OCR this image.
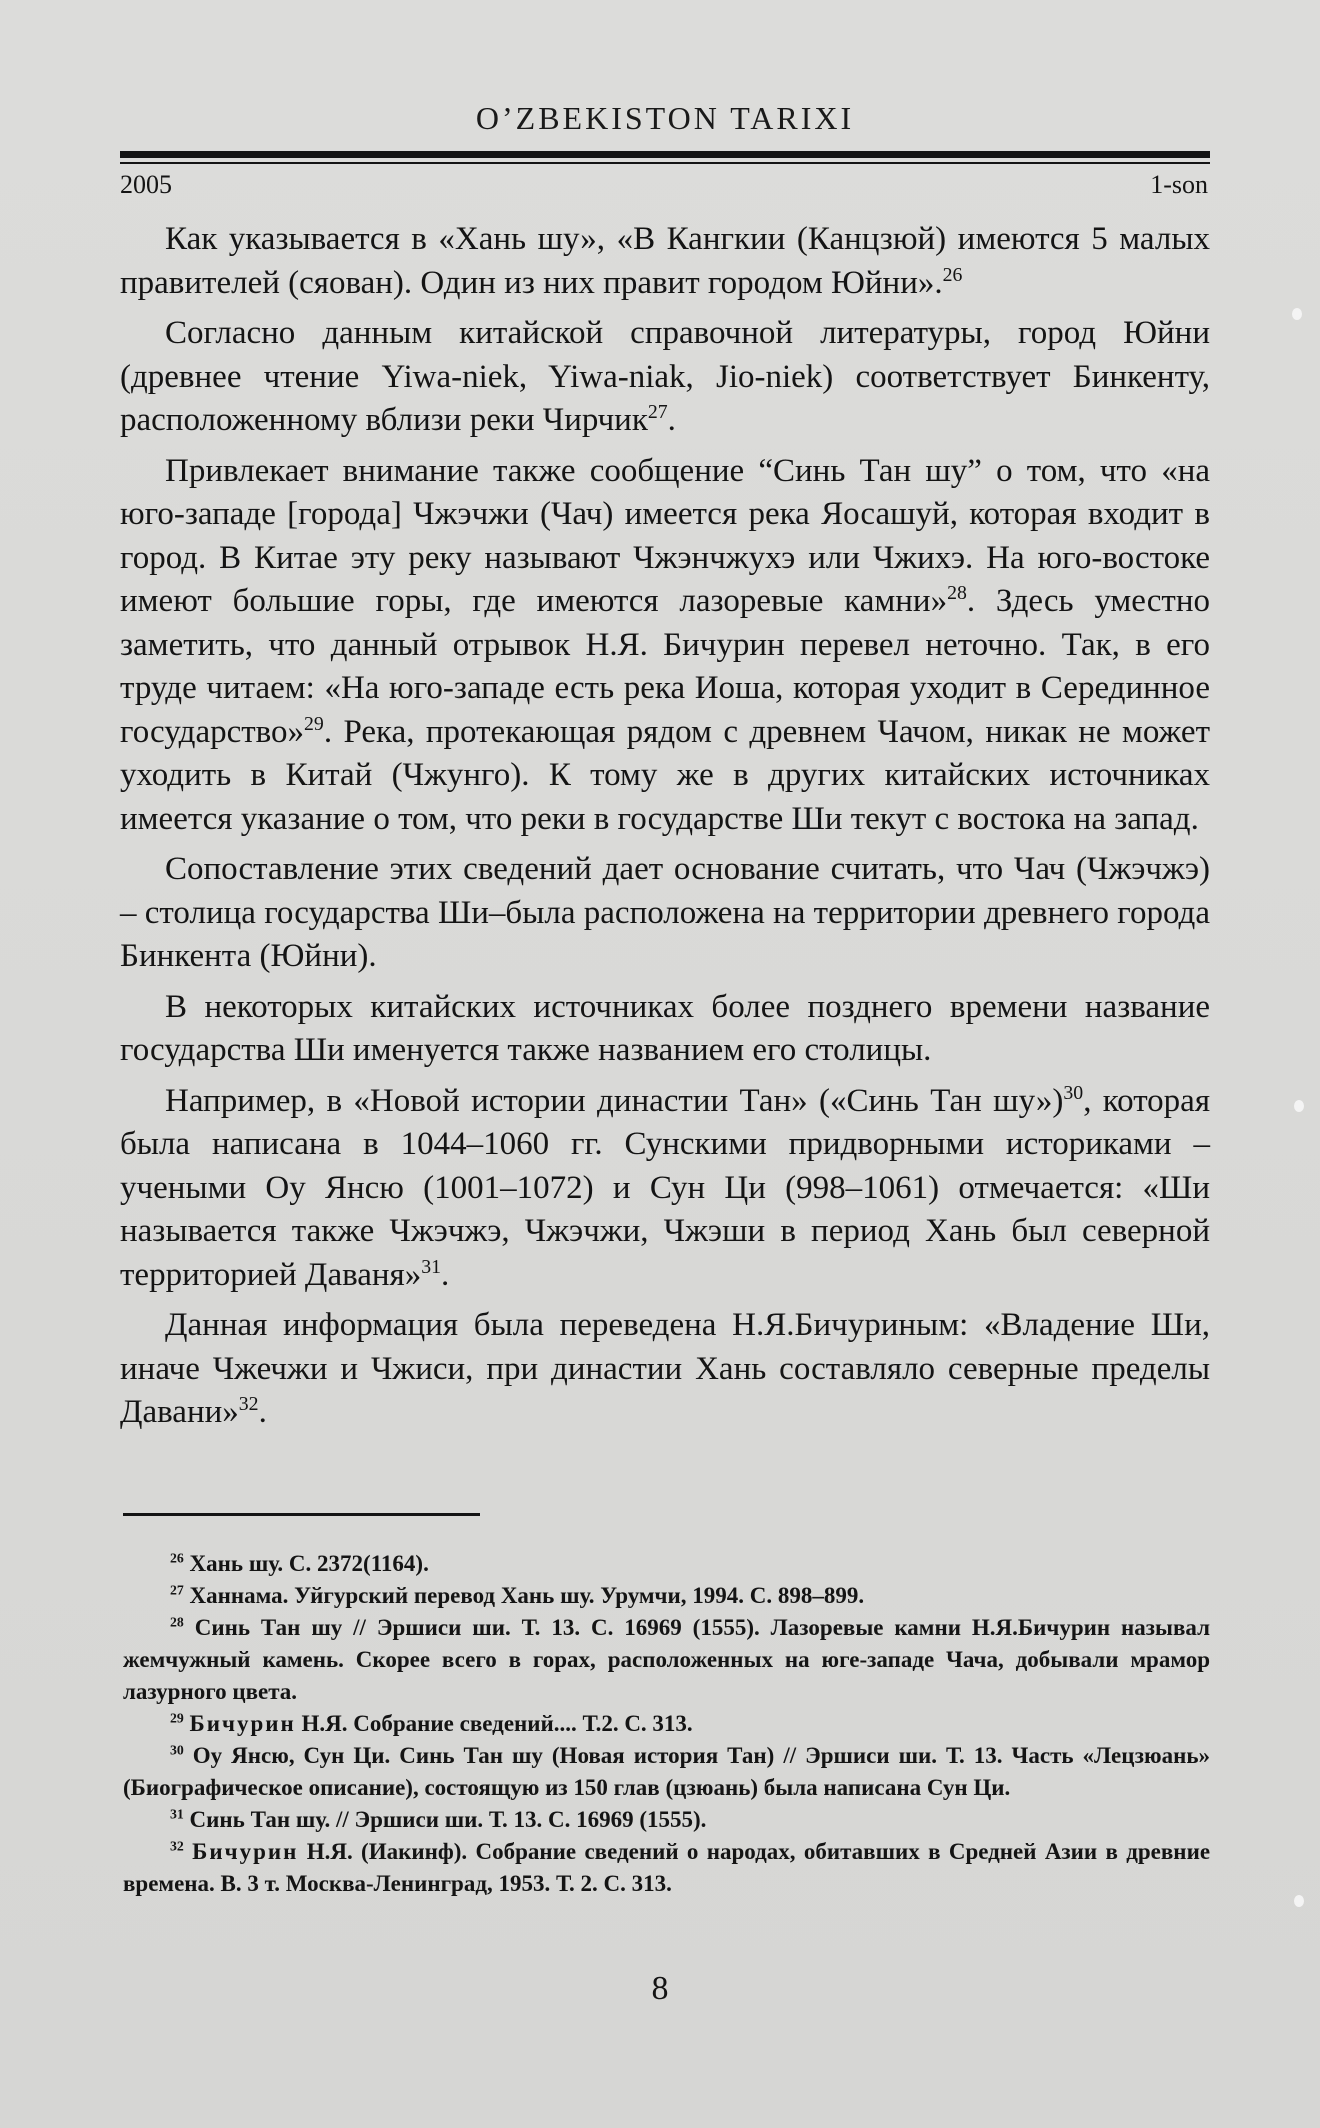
O’ZBEKISTON TARIXI
2005	1-son

Как указывается в «Хань шу», «В Кангкии (Канцзюй) имеются 5 малых правителей (сяован). Один из них правит городом Юйни».$^{26}$

Согласно данным китайской справочной литературы, город Юйни (древнее чтение Yiwa-niek, Yiwa-niak, Jio-niek) соответствует Бинкенту, расположенному вблизи реки Чирчик$^{27}$.

Привлекает внимание также сообщение “Синь Тан шу” о том, что «на юго-западе [города] Чжэчжи (Чач) имеется река Яосашуй, которая входит в город. В Китае эту реку называют Чжэнчжухэ или Чжихэ. На юго-востоке имеют большие горы, где имеются лазоревые камни»$^{28}$. Здесь уместно заметить, что данный отрывок Н.Я. Бичурин перевел неточно. Так, в его труде читаем: «На юго-западе есть река Иоша, которая уходит в Серединное государство»$^{29}$. Река, протекающая рядом с древнем Чачом, никак не может уходить в Китай (Чжунго). К тому же в других китайских источниках имеется указание о том, что реки в государстве Ши текут с востока на запад.

Сопоставление этих сведений дает основание считать, что Чач (Чжэчжэ) – столица государства Ши–была расположена на территории древнего города Бинкента (Юйни).

В некоторых китайских источниках более позднего времени название государства Ши именуется также названием его столицы.

Например, в «Новой истории династии Тан» («Синь Тан шу»)$^{30}$, которая была написана в 1044–1060 гг. Сунскими придворными историками – учеными Оу Янсю (1001–1072) и Сун Ци (998–1061) отмечается: «Ши называется также Чжэчжэ, Чжэчжи, Чжэши в период Хань был северной территорией Даваня»$^{31}$.

Данная информация была переведена Н.Я.Бичуриным: «Владение Ши, иначе Чжечжи и Чжиси, при династии Хань составляло северные пределы Давани»$^{32}$.

$^{26}$ Хань шу. С. 2372(1164).

$^{27}$ Ханнама. Уйгурский перевод Хань шу. Урумчи, 1994. С. 898–899.

$^{28}$ Синь Тан шу // Эршиси ши. Т. 13. С. 16969 (1555). Лазоревые камни Н.Я.Бичурин называл жемчужный камень. Скорее всего в горах, расположенных на юге-западе Чача, добывали мрамор лазурного цвета.

$^{29}$ Бичурин Н.Я. Собрание сведений.... Т.2. С. 313.

$^{30}$ Оу Янсю, Сун Ци. Синь Тан шу (Новая история Тан) // Эршиси ши. Т. 13. Часть «Лецзюань» (Биографическое описание), состоящую из 150 глав (цзюань) была написана Сун Ци.

$^{31}$ Синь Тан шу. // Эршиси ши. Т. 13. С. 16969 (1555).

$^{32}$ Бичурин Н.Я. (Иакинф). Собрание сведений о народах, обитавших в Средней Азии в древние времена. В. 3 т. Москва-Ленинград, 1953. Т. 2. С. 313.

8
